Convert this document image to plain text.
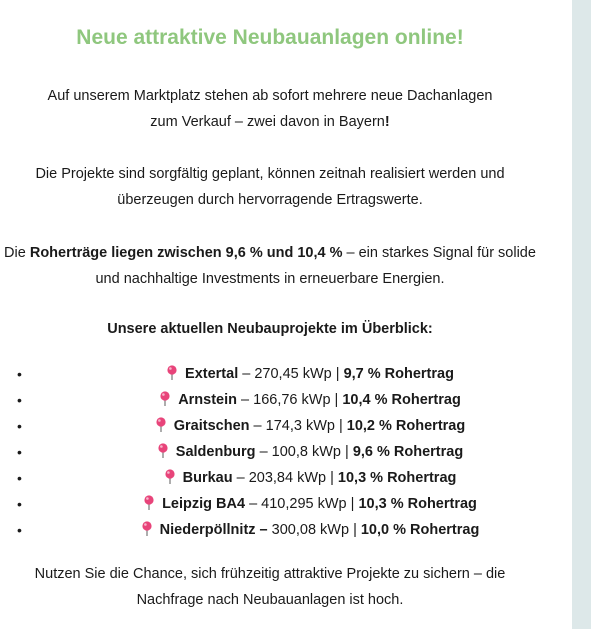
Neue attraktive Neubauanlagen online!
Auf unserem Marktplatz stehen ab sofort mehrere neue Dachanlagen
zum Verkauf – zwei davon in Bayern!
Die Projekte sind sorgfältig geplant, können zeitnah realisiert werden und
überzeugen durch hervorragende Ertragswerte.
Die Roherträge liegen zwischen 9,6 % und 10,4 % – ein starkes Signal für solide
und nachhaltige Investments in erneuerbare Energien.
Unsere aktuellen Neubauprojekte im Überblick:
•	Extertal – 270,45 kWp | 9,7 % Rohertrag
•	Arnstein – 166,76 kWp | 10,4 % Rohertrag
•	Graitschen – 174,3 kWp | 10,2 % Rohertrag
•	Saldenburg – 100,8 kWp | 9,6 % Rohertrag
•	Burkau – 203,84 kWp | 10,3 % Rohertrag
•	Leipzig BA4 – 410,295 kWp | 10,3 % Rohertrag
•	Niederpöllnitz – 300,08 kWp | 10,0 % Rohertrag
Nutzen Sie die Chance, sich frühzeitig attraktive Projekte zu sichern – die
Nachfrage nach Neubauanlagen ist hoch.
